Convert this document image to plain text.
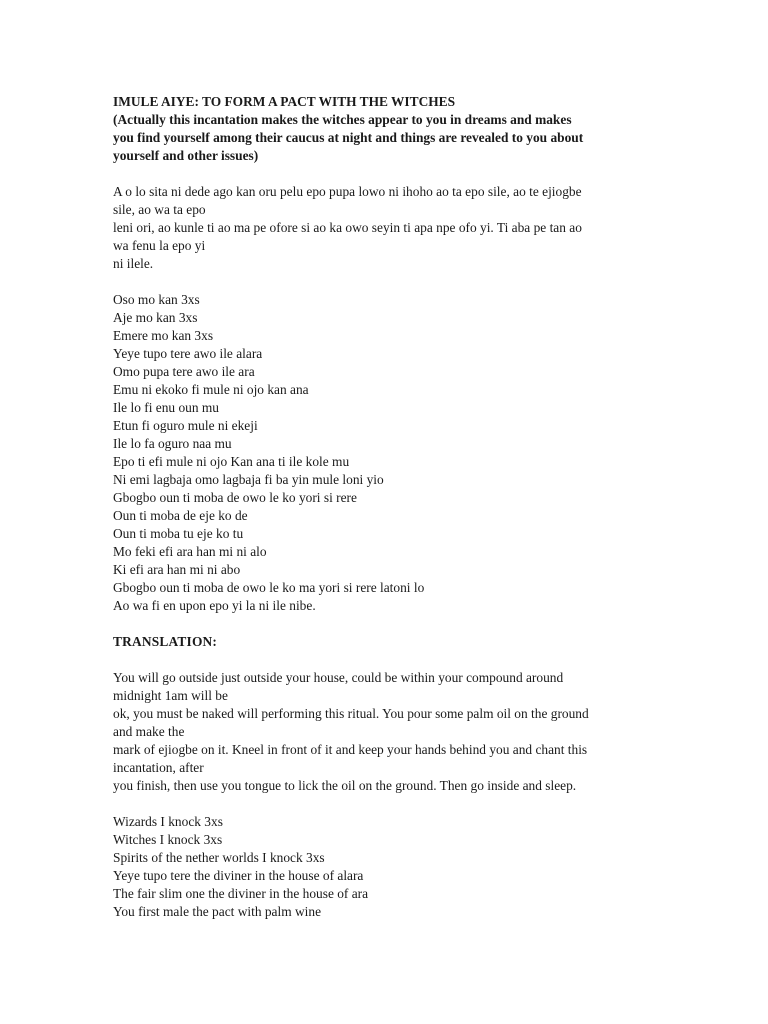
IMULE AIYE: TO FORM A PACT WITH THE WITCHES
(Actually this incantation makes the witches appear to you in dreams and makes
you find yourself among their caucus at night and things are revealed to you about
yourself and other issues)
A o lo sita ni dede ago kan oru pelu epo pupa lowo ni ihoho ao ta epo sile, ao te ejiogbe
sile, ao wa ta epo
leni ori, ao kunle ti ao ma pe ofore si ao ka owo seyin ti apa npe ofo yi. Ti aba pe tan ao
wa fenu la epo yi
ni ilele.
Oso mo kan 3xs
Aje mo kan 3xs
Emere mo kan 3xs
Yeye tupo tere awo ile alara
Omo pupa tere awo ile ara
Emu ni ekoko fi mule ni ojo kan ana
Ile lo fi enu oun mu
Etun fi oguro mule ni ekeji
Ile lo fa oguro naa mu
Epo ti efi mule ni ojo Kan ana ti ile kole mu
Ni emi lagbaja omo lagbaja fi ba yin mule loni yio
Gbogbo oun ti moba de owo le ko yori si rere
Oun ti moba de eje ko de
Oun ti moba tu eje ko tu
Mo feki efi ara han mi ni alo
Ki efi ara han mi ni abo
Gbogbo oun ti moba de owo le ko ma yori si rere latoni lo
Ao wa fi en upon epo yi la ni ile nibe.
TRANSLATION:
You will go outside just outside your house, could be within your compound around
midnight 1am will be
ok, you must be naked will performing this ritual. You pour some palm oil on the ground
and make the
mark of ejiogbe on it. Kneel in front of it and keep your hands behind you and chant this
incantation, after
you finish, then use you tongue to lick the oil on the ground. Then go inside and sleep.
Wizards I knock 3xs
Witches I knock 3xs
Spirits of the nether worlds I knock 3xs
Yeye tupo tere the diviner in the house of alara
The fair slim one the diviner in the house of ara
You first male the pact with palm wine
